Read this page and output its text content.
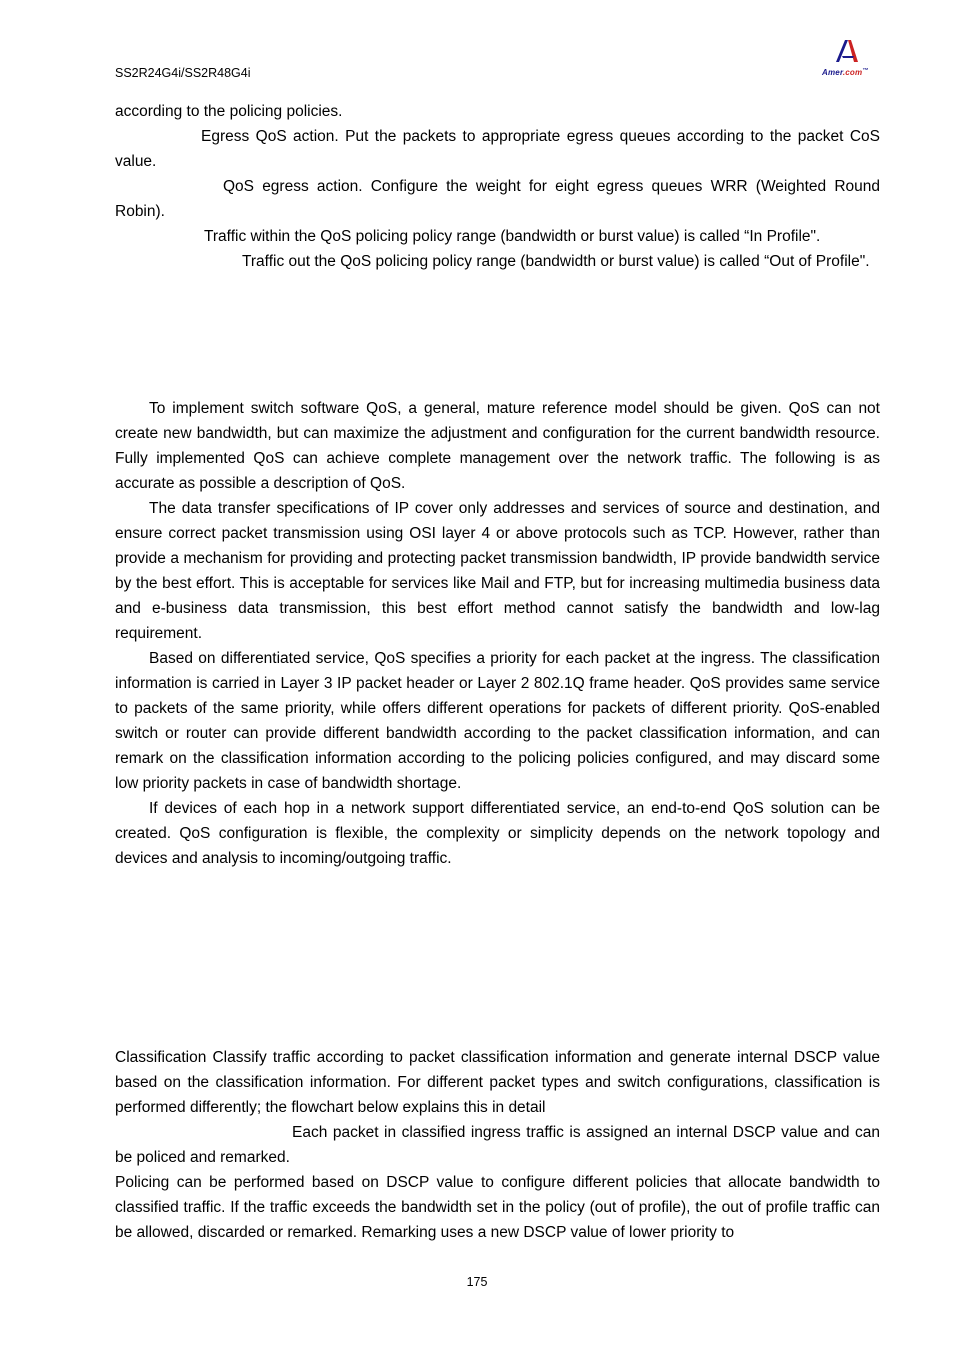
SS2R24G4i/SS2R48G4i	Amer.com™

according to the policing policies.

Egress QoS action. Put the packets to appropriate egress queues according to the packet CoS value.
QoS egress action. Configure the weight for eight egress queues WRR (Weighted Round Robin).
Traffic within the QoS policing policy range (bandwidth or burst value) is called “In Profile".
Traffic out the QoS policing policy range (bandwidth or burst value) is called “Out of Profile".

To implement switch software QoS, a general, mature reference model should be given. QoS can not create new bandwidth, but can maximize the adjustment and configuration for the current bandwidth resource. Fully implemented QoS can achieve complete management over the network traffic. The following is as accurate as possible a description of QoS.

The data transfer specifications of IP cover only addresses and services of source and destination, and ensure correct packet transmission using OSI layer 4 or above protocols such as TCP. However, rather than provide a mechanism for providing and protecting packet transmission bandwidth, IP provide bandwidth service by the best effort. This is acceptable for services like Mail and FTP, but for increasing multimedia business data and e-business data transmission, this best effort method cannot satisfy the bandwidth and low-lag requirement.

Based on differentiated service, QoS specifies a priority for each packet at the ingress. The classification information is carried in Layer 3 IP packet header or Layer 2 802.1Q frame header. QoS provides same service to packets of the same priority, while offers different operations for packets of different priority. QoS-enabled switch or router can provide different bandwidth according to the packet classification information, and can remark on the classification information according to the policing policies configured, and may discard some low priority packets in case of bandwidth shortage.

If devices of each hop in a network support differentiated service, an end-to-end QoS solution can be created. QoS configuration is flexible, the complexity or simplicity depends on the network topology and devices and analysis to incoming/outgoing traffic.

Classification Classify traffic according to packet classification information and generate internal DSCP value based on the classification information. For different packet types and switch configurations, classification is performed differently; the flowchart below explains this in detail

Each packet in classified ingress traffic is assigned an internal DSCP value and can be policed and remarked.

Policing can be performed based on DSCP value to configure different policies that allocate bandwidth to classified traffic. If the traffic exceeds the bandwidth set in the policy (out of profile), the out of profile traffic can be allowed, discarded or remarked. Remarking uses a new DSCP value of lower priority to

175
